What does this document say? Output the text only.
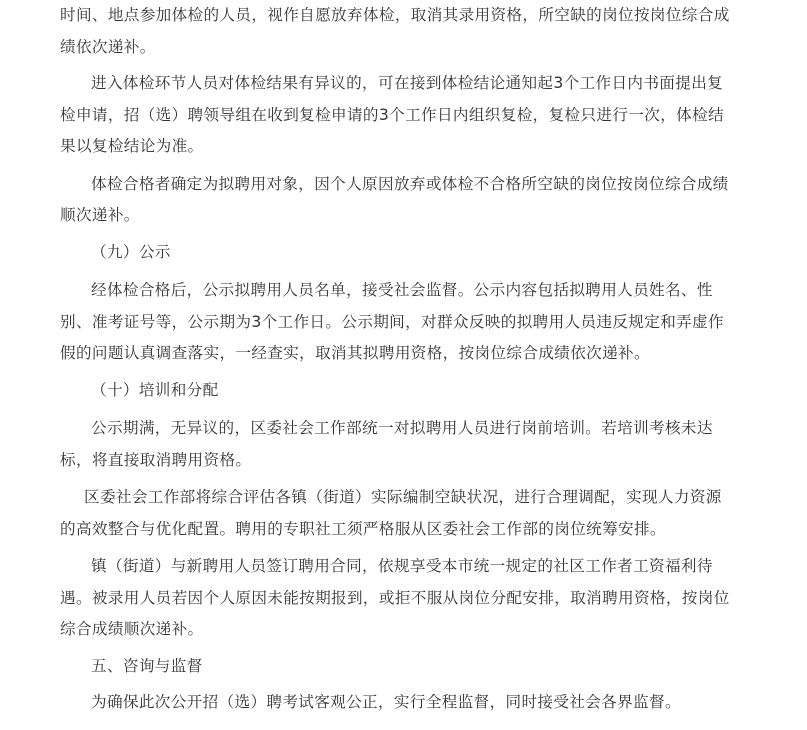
时间、地点参加体检的人员，视作自愿放弃体检，取消其录用资格，所空缺的岗位按岗位综合成
绩依次递补。
进入体检环节人员对体检结果有异议的，可在接到体检结论通知起3个工作日内书面提出复
检申请，招（选）聘领导组在收到复检申请的3个工作日内组织复检，复检只进行一次，体检结
果以复检结论为准。
体检合格者确定为拟聘用对象，因个人原因放弃或体检不合格所空缺的岗位按岗位综合成绩
顺次递补。
（九）公示
经体检合格后，公示拟聘用人员名单，接受社会监督。公示内容包括拟聘用人员姓名、性
别、准考证号等，公示期为3个工作日。公示期间，对群众反映的拟聘用人员违反规定和弄虚作
假的问题认真调查落实，一经查实，取消其拟聘用资格，按岗位综合成绩依次递补。
（十）培训和分配
公示期满，无异议的，区委社会工作部统一对拟聘用人员进行岗前培训。若培训考核未达
标，将直接取消聘用资格。
区委社会工作部将综合评估各镇（街道）实际编制空缺状况，进行合理调配，实现人力资源
的高效整合与优化配置。聘用的专职社工须严格服从区委社会工作部的岗位统筹安排。
镇（街道）与新聘用人员签订聘用合同，依规享受本市统一规定的社区工作者工资福利待
遇。被录用人员若因个人原因未能按期报到，或拒不服从岗位分配安排，取消聘用资格，按岗位
综合成绩顺次递补。
五、咨询与监督
为确保此次公开招（选）聘考试客观公正，实行全程监督，同时接受社会各界监督。
